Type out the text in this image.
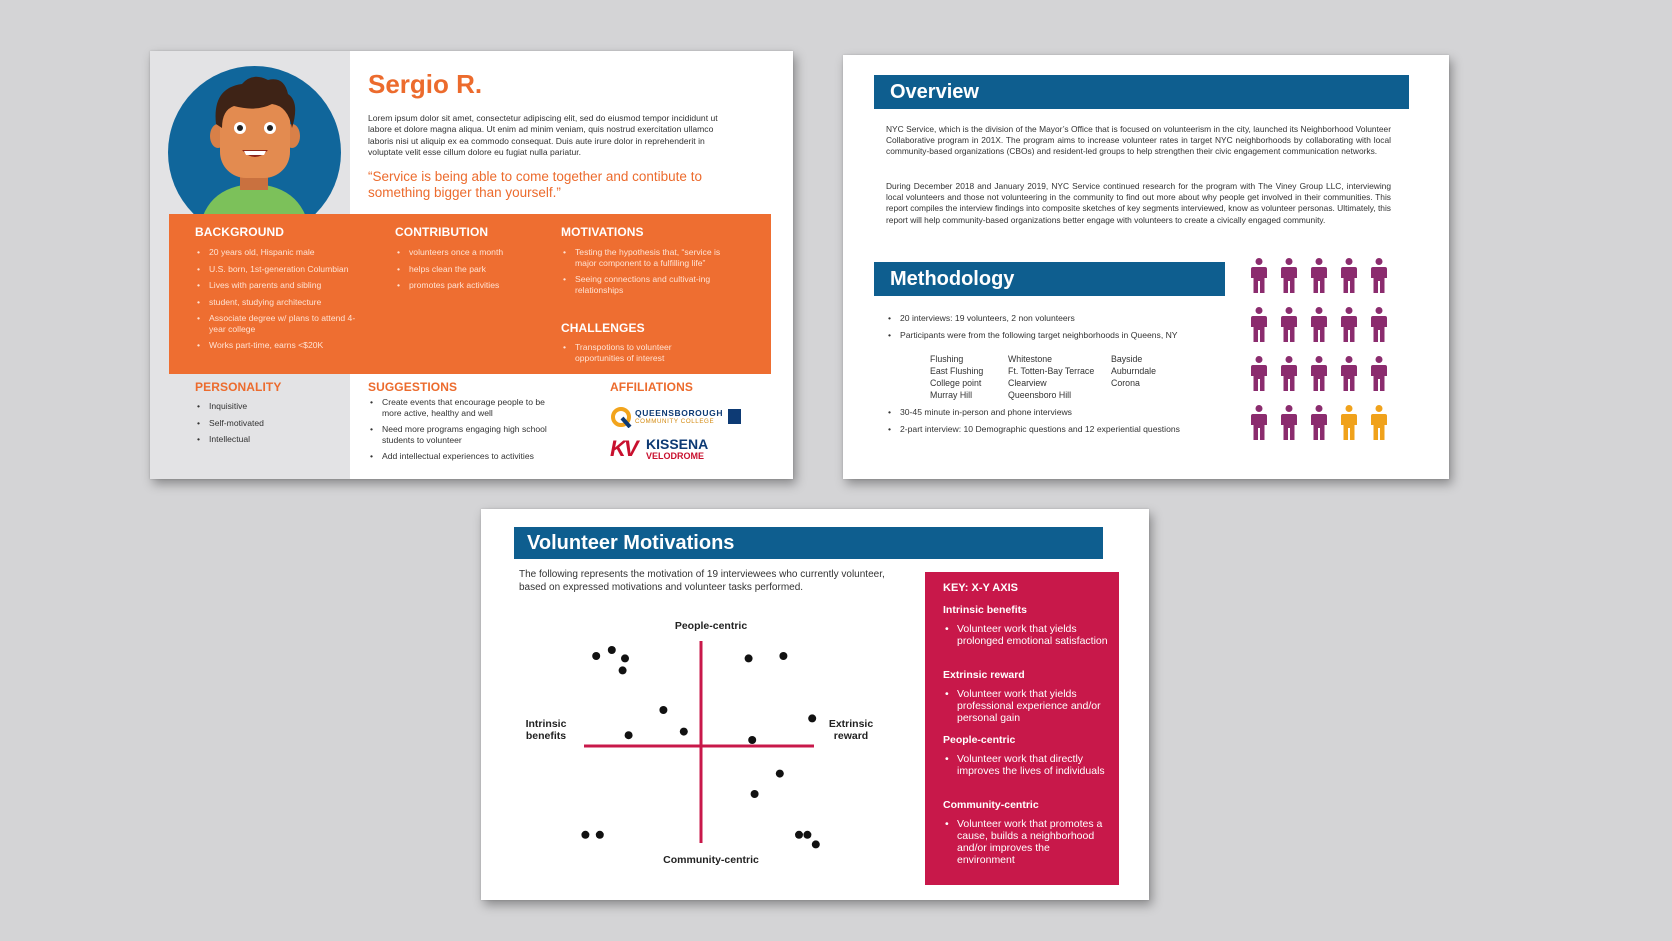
Sergio R.

Lorem ipsum dolor sit amet, consectetur adipiscing elit, sed do eiusmod tempor incididunt ut labore et dolore magna aliqua. Ut enim ad minim veniam, quis nostrud exercitation ullamco laboris nisi ut aliquip ex ea commodo consequat. Duis aute irure dolor in reprehenderit in voluptate velit esse cillum dolore eu fugiat nulla pariatur.

“Service is being able to come together and contibute to something bigger than yourself.”

BACKGROUND
• 20 years old, Hispanic male
• U.S. born, 1st-generation Columbian
• Lives with parents and sibling
• student, studying architecture
• Associate degree w/ plans to attend 4-year college
• Works part-time, earns <$20K
CONTRIBUTION
• volunteers once a month
• helps clean the park
• promotes park activities
MOTIVATIONS
• Testing the hypothesis that, “service is major component to a fulfilling life”
• Seeing connections and cultivat-ing relationships
CHALLENGES
• Transpotions to volunteer opportunities of interest
PERSONALITY
• Inquisitive
• Self-motivated
• Intellectual
SUGGESTIONS
• Create events that encourage people to be more active, healthy and well
• Need more programs engaging high school students to volunteer
• Add intellectual experiences to activities
AFFILIATIONS
QUEENSBOROUGH
COMMUNITY COLLEGE
KV KISSENA
VELODROME
Overview

NYC Service, which is the division of the Mayor’s Office that is focused on volunteerism in the city, launched its Neighborhood Volunteer Collaborative program in 201X. The program aims to increase volunteer rates in target NYC neighborhoods by collaborating with local community-based organizations (CBOs) and resident-led groups to help strengthen their civic engagement communication networks.

During December 2018 and January 2019, NYC Service continued research for the program with The Viney Group LLC, interviewing local volunteers and those not volunteering in the community to find out more about why people get involved in their communities. This report compiles the interview findings into composite sketches of key segments interviewed, know as volunteer personas. Ultimately, this report will help community-based organizations better engage with volunteers to create a civically engaged community.

Methodology
• 20 interviews: 19 volunteers, 2 non volunteers
• Participants were from the following target neighborhoods in Queens, NY
Flushing
East Flushing
College point
Murray Hill
Whitestone
Ft. Totten-Bay Terrace
Clearview
Queensboro Hill
Bayside
Auburndale
Corona
• 30-45 minute in-person and phone interviews
• 2-part interview: 10 Demographic questions and 12 experiential questions
Volunteer Motivations

The following represents the motivation of 19 interviewees who currently volunteer, based on expressed motivations and volunteer tasks performed.

People-centric
Community-centric
Intrinsic benefits
Extrinsic reward

KEY: X-Y AXIS

Intrinsic benefits

• Volunteer work that yields prolonged emotional satisfaction

Extrinsic reward

• Volunteer work that yields professional experience and/or personal gain

People-centric

• Volunteer work that directly improves the lives of individuals

Community-centric

• Volunteer work that promotes a cause, builds a neighborhood and/or improves the environment
